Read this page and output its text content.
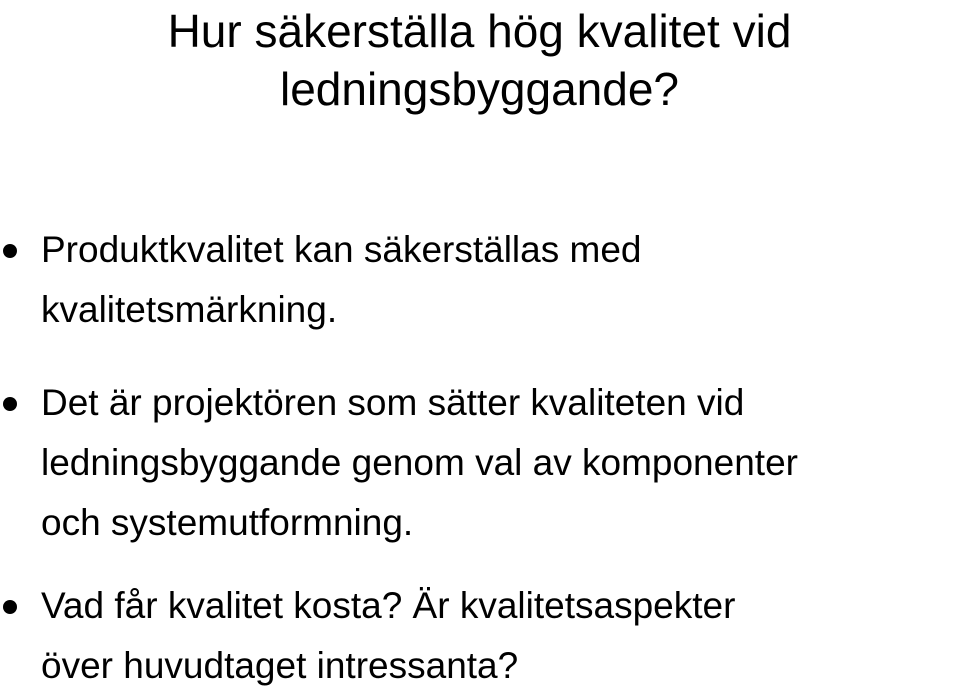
Hur säkerställa hög kvalitet vid
ledningsbyggande?
Produktkvalitet kan säkerställas med
kvalitetsmärkning.
Det är projektören som sätter kvaliteten vid
ledningsbyggande genom val av komponenter
och systemutformning.
Vad får kvalitet kosta? Är kvalitetsaspekter
över huvudtaget intressanta?
